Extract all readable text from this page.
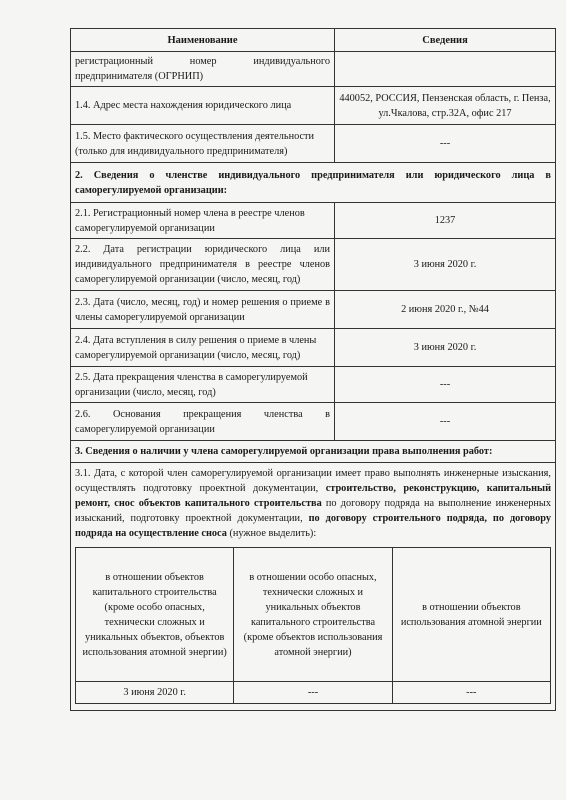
Наименование	Сведения
регистрационный номер индивидуального предпринимателя (ОГРНИП)	
1.4. Адрес места нахождения юридического лица	440052, РОССИЯ, Пензенская область, г. Пенза, ул.Чкалова, стр.32А, офис 217
1.5. Место фактического осуществления деятельности (только для индивидуального предпринимателя)	---
2. Сведения о членстве индивидуального предпринимателя или юридического лица в саморегулируемой организации:
2.1. Регистрационный номер члена в реестре членов саморегулируемой организации	1237
2.2. Дата регистрации юридического лица или индивидуального предпринимателя в реестре членов саморегулируемой организации (число, месяц, год)	3 июня 2020 г.
2.3. Дата (число, месяц, год) и номер решения о приеме в члены саморегулируемой организации	2 июня 2020 г., №44
2.4. Дата вступления в силу решения о приеме в члены саморегулируемой организации (число, месяц, год)	3 июня 2020 г.
2.5. Дата прекращения членства в саморегулируемой организации (число, месяц, год)	---
2.6. Основания прекращения членства в саморегулируемой организации	---
3. Сведения о наличии у члена саморегулируемой организации права выполнения работ:

3.1. Дата, с которой член саморегулируемой организации имеет право выполнять инженерные изыскания, осуществлять подготовку проектной документации, строительство, реконструкцию, капитальный ремонт, снос объектов капитального строительства по договору подряда на выполнение инженерных изысканий, подготовку проектной документации, по договору строительного подряда, по договору подряда на осуществление сноса (нужное выделить):
в отношении объектов капитального строительства (кроме особо опасных, технически сложных и уникальных объектов, объектов использования атомной энергии)	в отношении особо опасных, технически сложных и уникальных объектов капитального строительства (кроме объектов использования атомной энергии)	в отношении объектов использования атомной энергии
3 июня 2020 г.	---	---
